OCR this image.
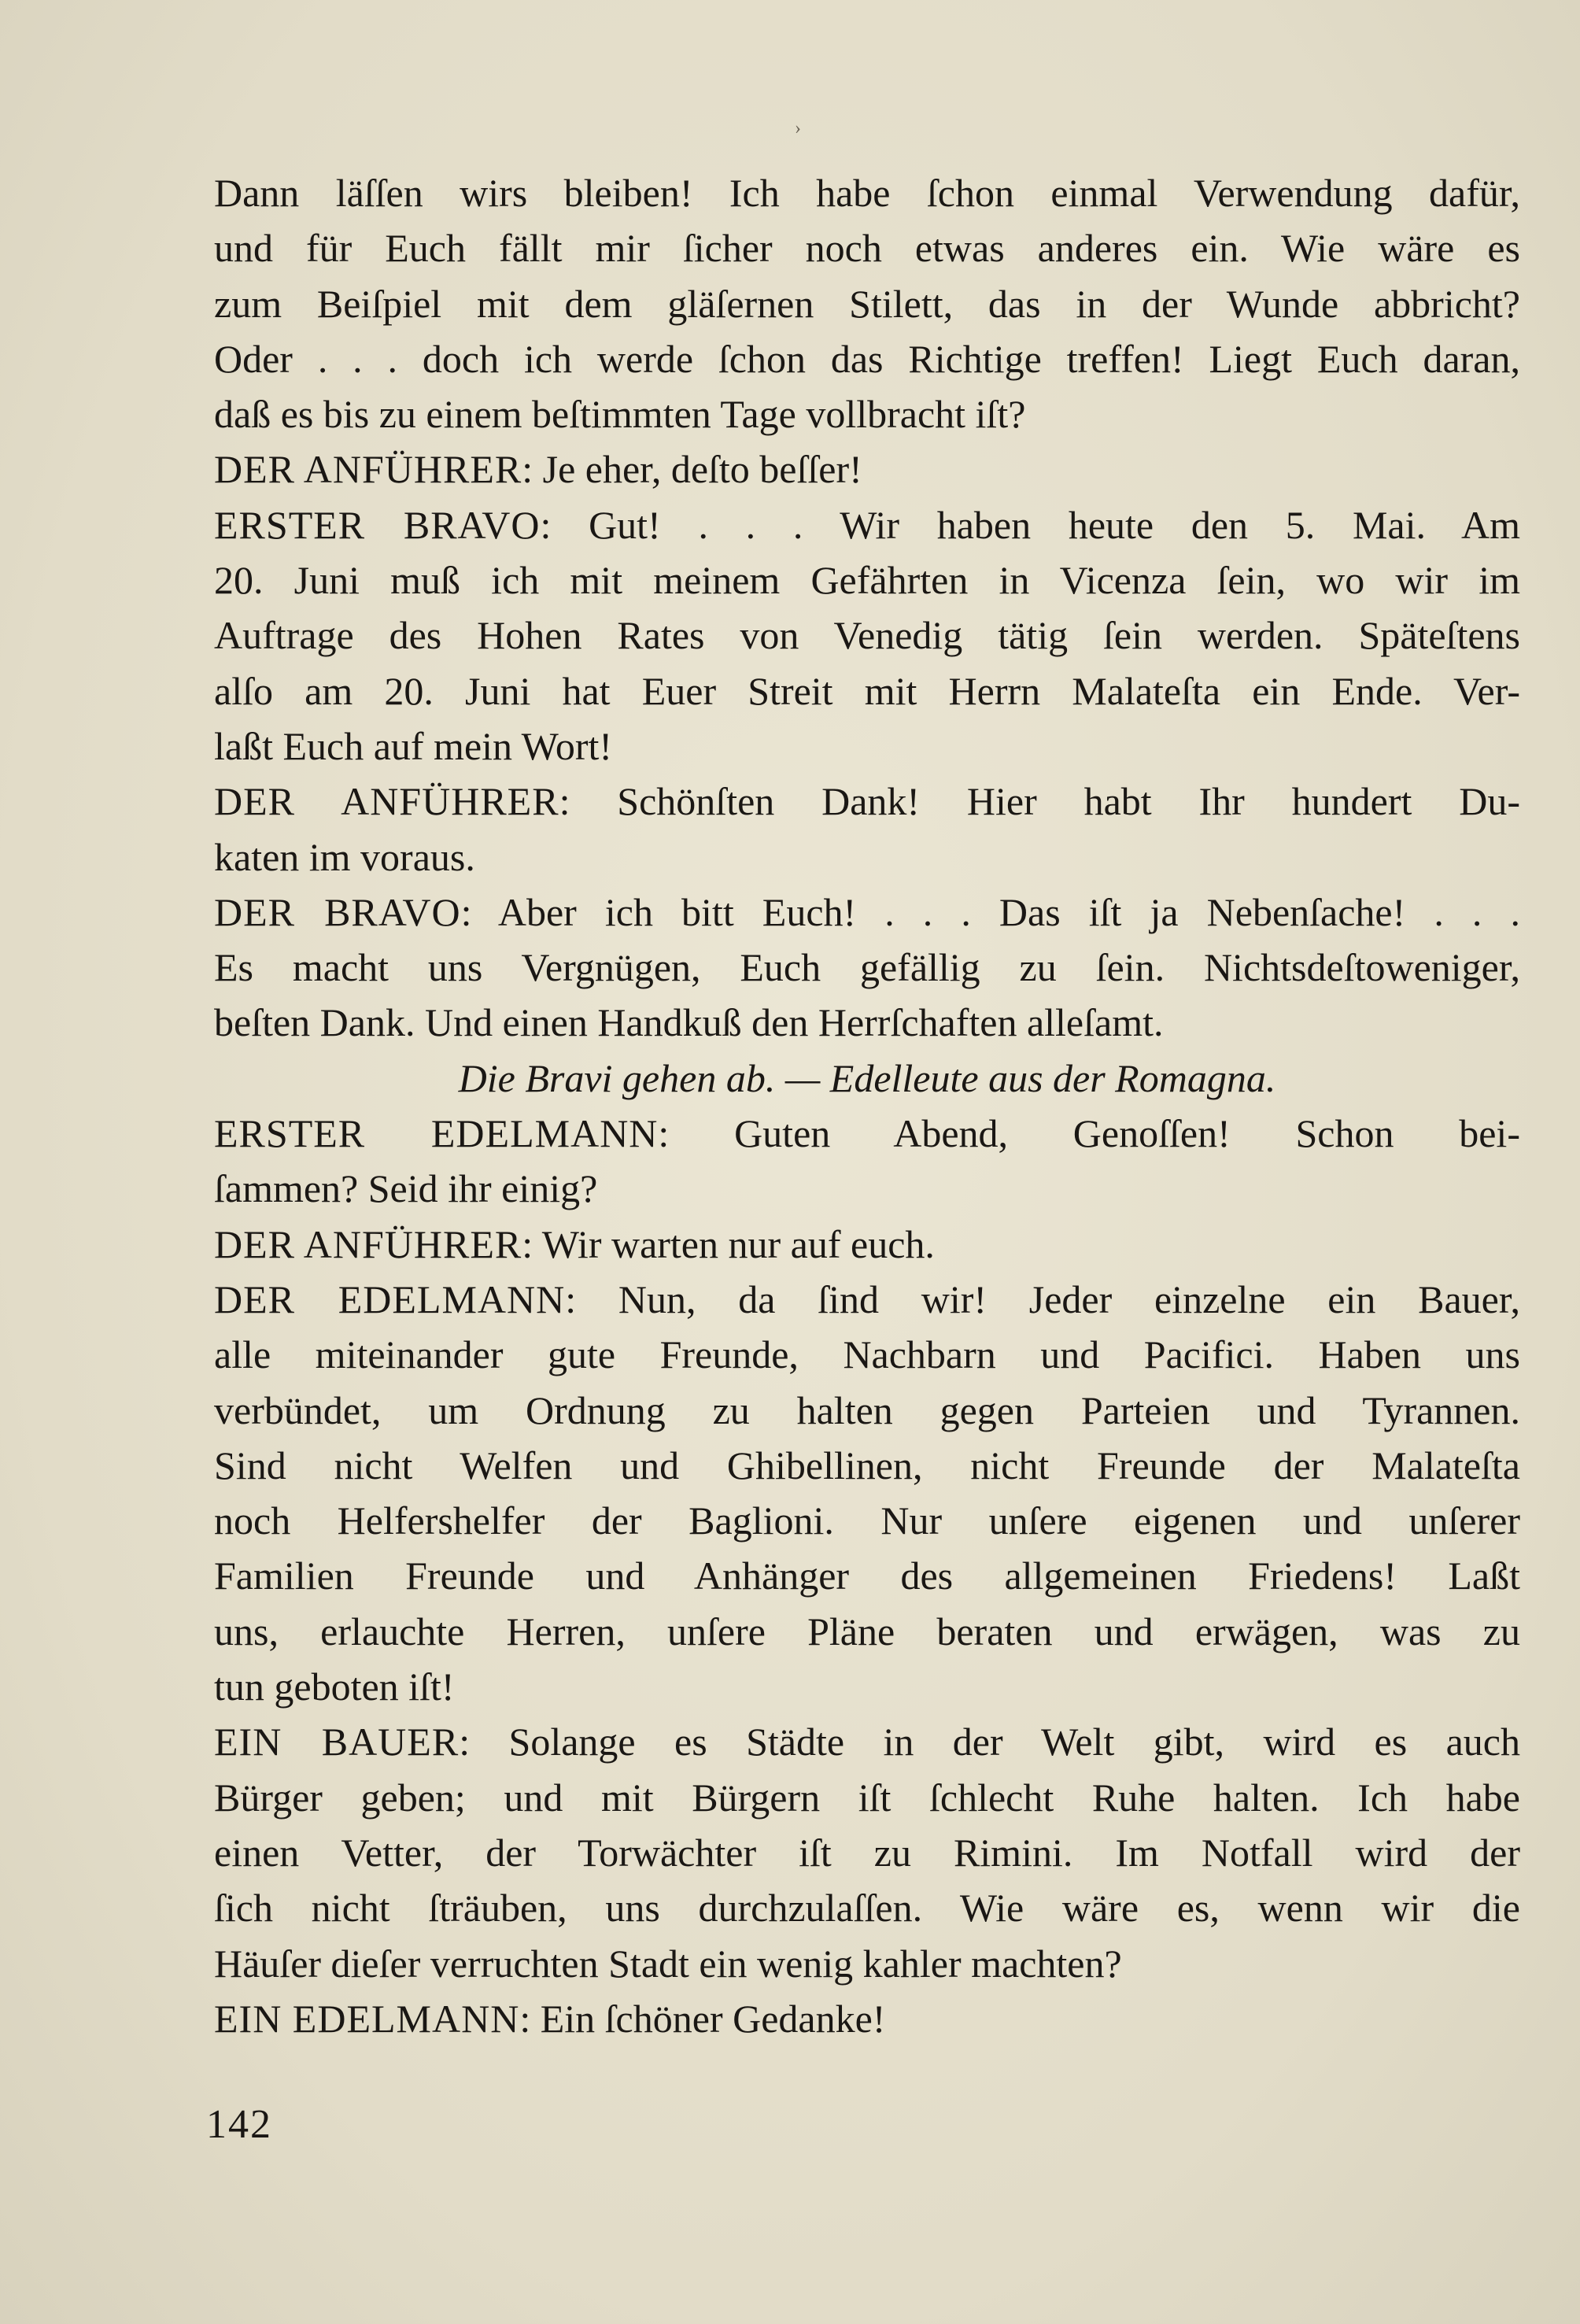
›
Dann läſſen wirs bleiben! Ich habe ſchon einmal Verwendung dafür,
und für Euch fällt mir ſicher noch etwas anderes ein. Wie wäre es
zum Beiſpiel mit dem gläſernen Stilett, das in der Wunde abbricht?
Oder . . . doch ich werde ſchon das Richtige treffen! Liegt Euch daran,
daß es bis zu einem beſtimmten Tage vollbracht iſt?
DER ANFÜHRER: Je eher, deſto beſſer!
ERSTER BRAVO: Gut! . . . Wir haben heute den 5. Mai. Am
20. Juni muß ich mit meinem Gefährten in Vicenza ſein, wo wir im
Auftrage des Hohen Rates von Venedig tätig ſein werden. Späteſtens
alſo am 20. Juni hat Euer Streit mit Herrn Malateſta ein Ende. Ver-
laßt Euch auf mein Wort!
DER ANFÜHRER: Schönſten Dank! Hier habt Ihr hundert Du-
katen im voraus.
DER BRAVO: Aber ich bitt Euch! . . . Das iſt ja Nebenſache! . . .
Es macht uns Vergnügen, Euch gefällig zu ſein. Nichtsdeſtoweniger,
beſten Dank. Und einen Handkuß den Herrſchaften alleſamt.
Die Bravi gehen ab. — Edelleute aus der Romagna.
ERSTER EDELMANN: Guten Abend, Genoſſen! Schon bei-
ſammen? Seid ihr einig?
DER ANFÜHRER: Wir warten nur auf euch.
DER EDELMANN: Nun, da ſind wir! Jeder einzelne ein Bauer,
alle miteinander gute Freunde, Nachbarn und Pacifici. Haben uns
verbündet, um Ordnung zu halten gegen Parteien und Tyrannen.
Sind nicht Welfen und Ghibellinen, nicht Freunde der Malateſta
noch Helfershelfer der Baglioni. Nur unſere eigenen und unſerer
Familien Freunde und Anhänger des allgemeinen Friedens! Laßt
uns, erlauchte Herren, unſere Pläne beraten und erwägen, was zu
tun geboten iſt!
EIN BAUER: Solange es Städte in der Welt gibt, wird es auch
Bürger geben; und mit Bürgern iſt ſchlecht Ruhe halten. Ich habe
einen Vetter, der Torwächter iſt zu Rimini. Im Notfall wird der
ſich nicht ſträuben, uns durchzulaſſen. Wie wäre es, wenn wir die
Häuſer dieſer verruchten Stadt ein wenig kahler machten?
EIN EDELMANN: Ein ſchöner Gedanke!
142
